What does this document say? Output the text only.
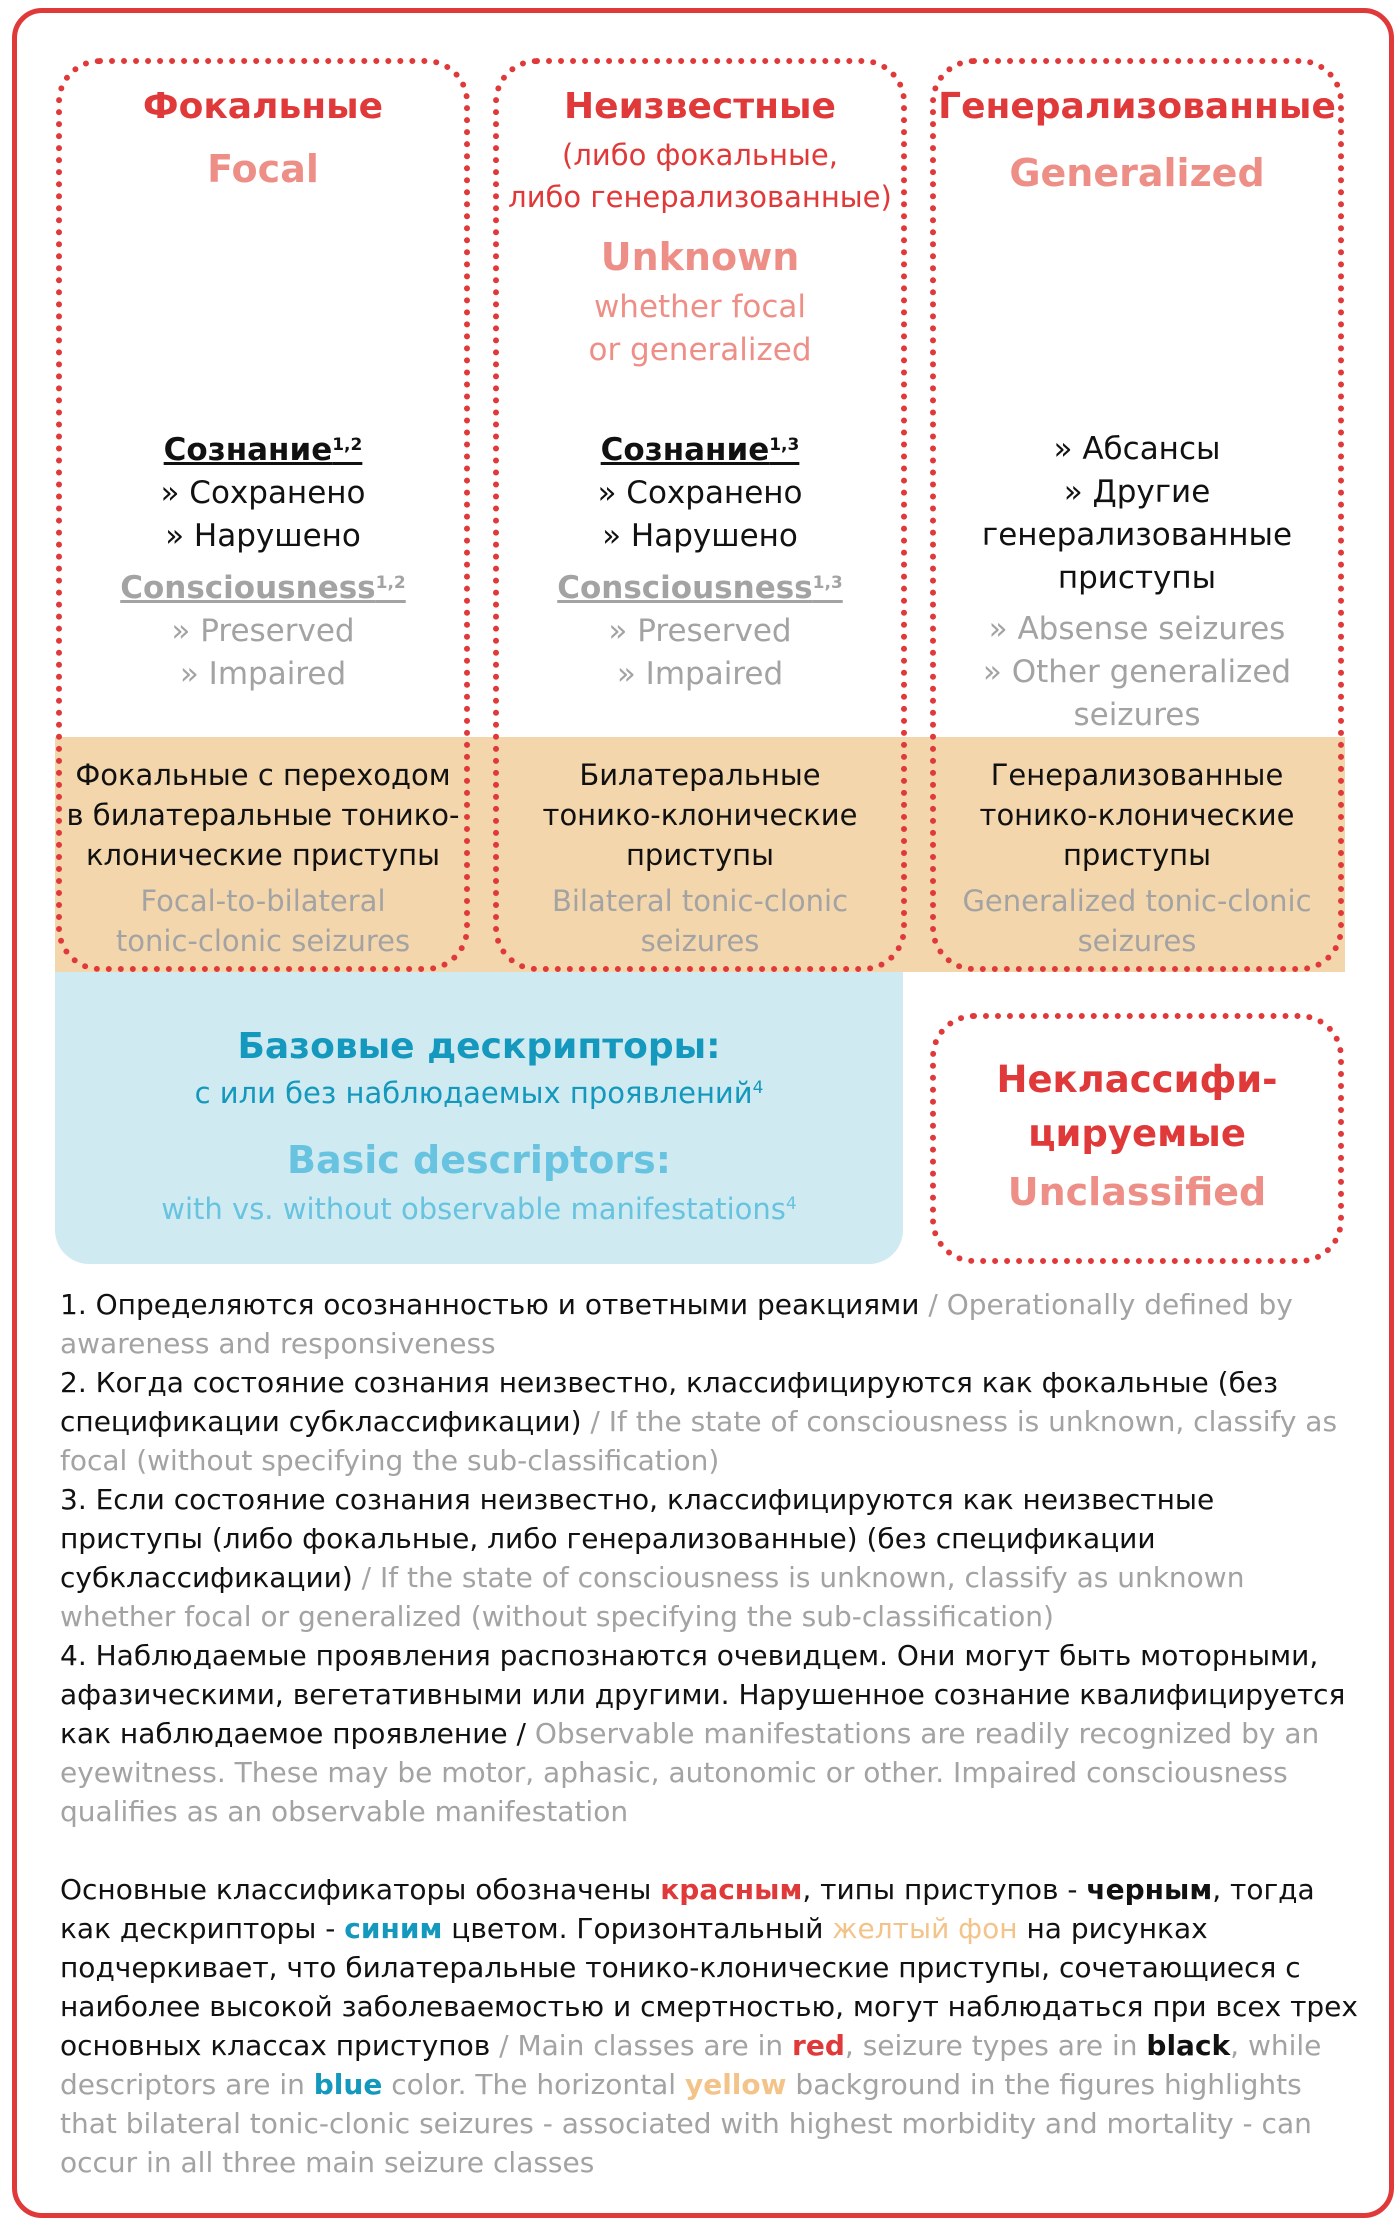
Фокальные

Focal

Сознание$^{1,2}$

» Сохранено

» Нарушено

Consciousness$^{1,2}$

» Preserved

» Impaired

Фокальные с переходом

в билатеральные тонико-

клонические приступы

Focal-to-bilateral

tonic-clonic seizures

Неизвестные

(либо фокальные,

либо генерализованные)

Unknown

whether focal

or generalized

Сознание$^{1,3}$

» Сохранено

» Нарушено

Consciousness$^{1,3}$

» Preserved

» Impaired

Билатеральные

тонико-клонические

приступы

Bilateral tonic-clonic

seizures

Генерализованные

Generalized

» Абсансы

» Другие

генерализованные

приступы

» Absense seizures

» Other generalized

seizures

Генерализованные

тонико-клонические

приступы

Generalized tonic-clonic

seizures

Базовые дескрипторы:

с или без наблюдаемых проявлений$^4$

Basic descriptors:

with vs. without observable manifestations$^4$

Неклассифи-

цируемые

Unclassified

1. Определяются осознанностью и ответными реакциями / Operationally defined by awareness and responsiveness

2. Когда состояние сознания неизвестно, классифицируются как фокальные (без спецификации субклассификации) / If the state of consciousness is unknown, classify as focal (without specifying the sub-classification)

3. Если состояние сознания неизвестно, классифицируются как неизвестные приступы (либо фокальные, либо генерализованные) (без спецификации субклассификации) / If the state of consciousness is unknown, classify as unknown whether focal or generalized (without specifying the sub-classification)

4. Наблюдаемые проявления распознаются очевидцем. Они могут быть моторными, афазическими, вегетативными или другими. Нарушенное сознание квалифицируется как наблюдаемое проявление / Observable manifestations are readily recognized by an eyewitness. These may be motor, aphasic, autonomic or other. Impaired consciousness qualifies as an observable manifestation

Основные классификаторы обозначены красным, типы приступов - черным, тогда как дескрипторы - синим цветом. Горизонтальный желтый фон на рисунках подчеркивает, что билатеральные тонико-клонические приступы, сочетающиеся с наиболее высокой заболеваемостью и смертностью, могут наблюдаться при всех трех основных классах приступов / Main classes are in red, seizure types are in black, while descriptors are in blue color. The horizontal yellow background in the figures highlights that bilateral tonic-clonic seizures - associated with highest morbidity and mortality - can occur in all three main seizure classes
